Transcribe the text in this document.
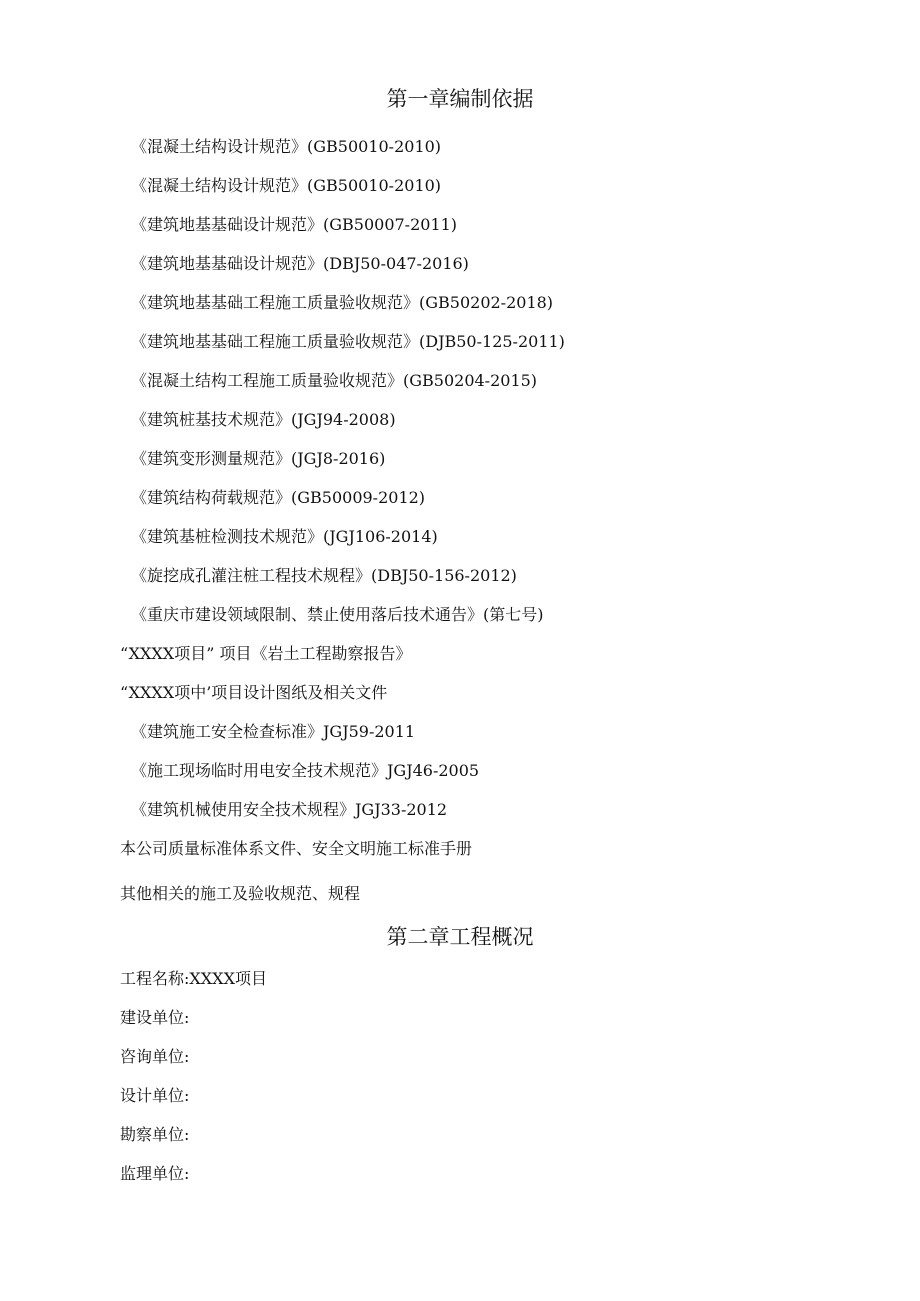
第一章编制依据
《混凝土结构设计规范》(GB50010-2010)
《混凝土结构设计规范》(GB50010-2010)
《建筑地基基础设计规范》(GB50007-2011)
《建筑地基基础设计规范》(DBJ50-047-2016)
《建筑地基基础工程施工质量验收规范》(GB50202-2018)
《建筑地基基础工程施工质量验收规范》(DJB50-125-2011)
《混凝土结构工程施工质量验收规范》(GB50204-2015)
《建筑桩基技术规范》(JGJ94-2008)
《建筑变形测量规范》(JGJ8-2016)
《建筑结构荷载规范》(GB50009-2012)
《建筑基桩检测技术规范》(JGJ106-2014)
《旋挖成孔灌注桩工程技术规程》(DBJ50-156-2012)
《重庆市建设领域限制、禁止使用落后技术通告》(第七号)
“XXXX项目” 项目《岩土工程勘察报告》
“XXXX项中’项目设计图纸及相关文件
《建筑施工安全检查标准》JGJ59-2011
《施工现场临时用电安全技术规范》JGJ46-2005
《建筑机械使用安全技术规程》JGJ33-2012
本公司质量标准体系文件、安全文明施工标准手册
其他相关的施工及验收规范、规程
第二章工程概况
工程名称:XXXX项目
建设单位:
咨询单位:
设计单位:
勘察单位:
监理单位:
